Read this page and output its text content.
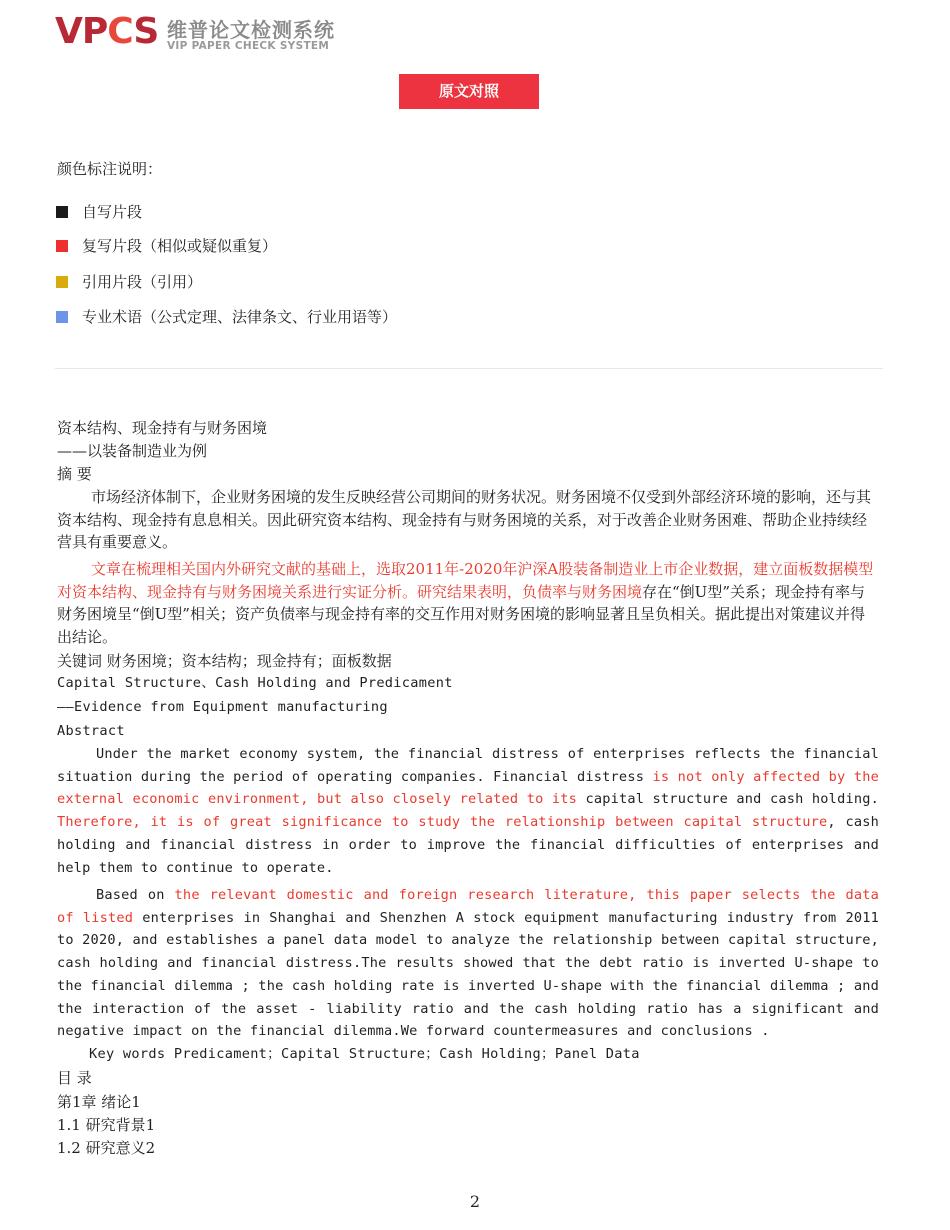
VPCS 维普论文检测系统
VIP PAPER CHECK SYSTEM
原文对照
颜色标注说明：
自写片段
复写片段（相似或疑似重复）
引用片段（引用）
专业术语（公式定理、法律条文、行业用语等）
资本结构、现金持有与财务困境
——以装备制造业为例
摘 要
市场经济体制下，企业财务困境的发生反映经营公司期间的财务状况。财务困境不仅受到外部经济环境的影响，还与其资本结构、现金持有息息相关。因此研究资本结构、现金持有与财务困境的关系，对于改善企业财务困难、帮助企业持续经营具有重要意义。
文章在梳理相关国内外研究文献的基础上，选取2011年-2020年沪深A股装备制造业上市企业数据，建立面板数据模型对资本结构、现金持有与财务困境关系进行实证分析。研究结果表明，负债率与财务困境存在“倒U型”关系；现金持有率与财务困境呈“倒U型”相关；资产负债率与现金持有率的交互作用对财务困境的影响显著且呈负相关。据此提出对策建议并得出结论。
关键词 财务困境；资本结构；现金持有；面板数据
Capital Structure、Cash Holding and Predicament
——Evidence from Equipment manufacturing
Abstract
Under the market economy system, the financial distress of enterprises reflects the financial situation during the period of operating companies. Financial distress is not only affected by the external economic environment, but also closely related to its capital structure and cash holding. Therefore, it is of great significance to study the relationship between capital structure, cash holding and financial distress in order to improve the financial difficulties of enterprises and help them to continue to operate.
Based on the relevant domestic and foreign research literature, this paper selects the data of listed enterprises in Shanghai and Shenzhen A stock equipment manufacturing industry from 2011 to 2020, and establishes a panel data model to analyze the relationship between capital structure, cash holding and financial distress.The results showed that the debt ratio is inverted U-shape to the financial dilemma ; the cash holding rate is inverted U-shape with the financial dilemma ; and the interaction of the asset - liability ratio and the cash holding ratio has a significant and negative impact on the financial dilemma.We forward countermeasures and conclusions .
Key words Predicament；Capital Structure；Cash Holding；Panel Data
目 录
第1章 绪论1
1.1 研究背景1
1.2 研究意义2
2
